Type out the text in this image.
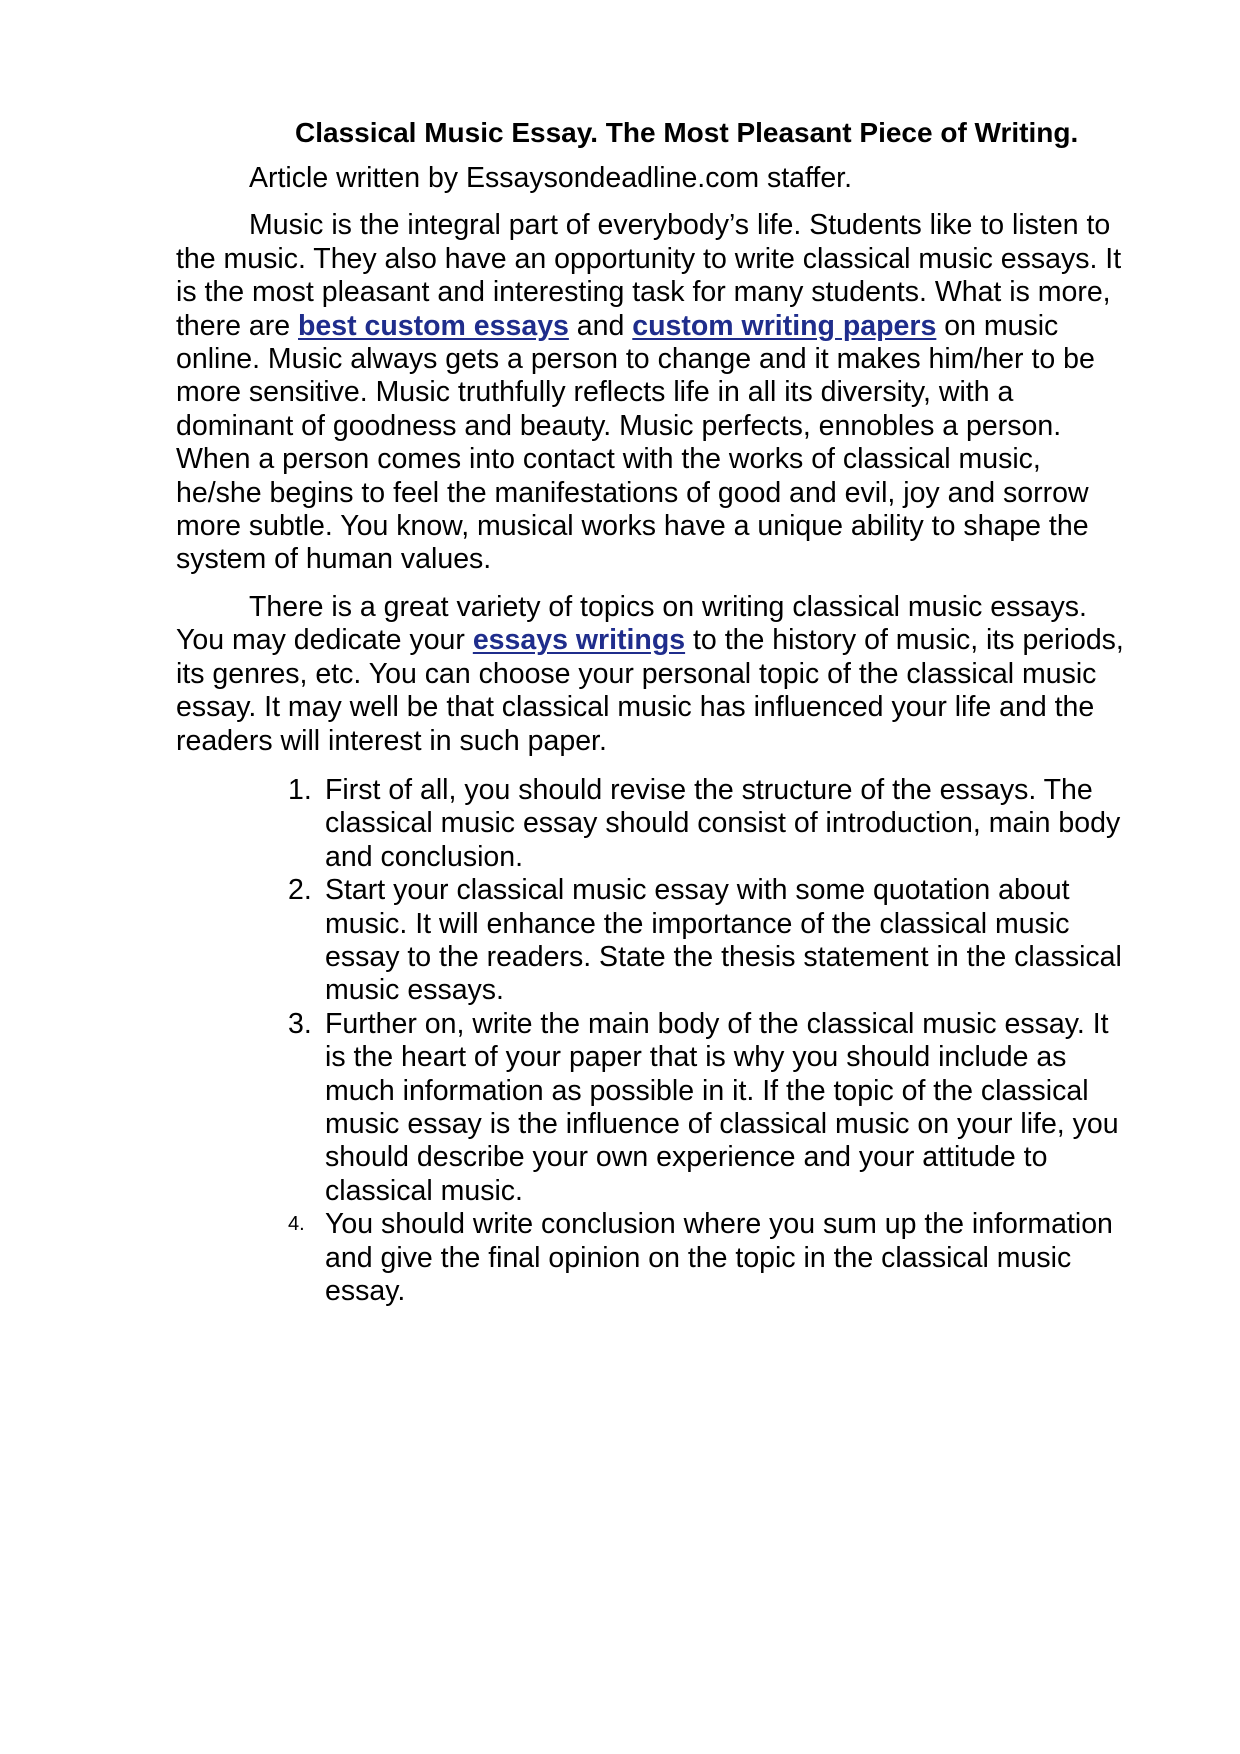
Classical Music Essay. The Most Pleasant Piece of Writing.
Article written by Essaysondeadline.com staffer.
Music is the integral part of everybody’s life. Students like to listen to
the music. They also have an opportunity to write classical music essays. It
is the most pleasant and interesting task for many students. What is more,
there are best custom essays and custom writing papers on music
online. Music always gets a person to change and it makes him/her to be
more sensitive. Music truthfully reflects life in all its diversity, with a
dominant of goodness and beauty. Music perfects, ennobles a person.
When a person comes into contact with the works of classical music,
he/she begins to feel the manifestations of good and evil, joy and sorrow
more subtle. You know, musical works have a unique ability to shape the
system of human values.
There is a great variety of topics on writing classical music essays.
You may dedicate your essays writings to the history of music, its periods,
its genres, etc. You can choose your personal topic of the classical music
essay. It may well be that classical music has influenced your life and the
readers will interest in such paper.
1. First of all, you should revise the structure of the essays. The
classical music essay should consist of introduction, main body
and conclusion.
2. Start your classical music essay with some quotation about
music. It will enhance the importance of the classical music
essay to the readers. State the thesis statement in the classical
music essays.
3. Further on, write the main body of the classical music essay. It
is the heart of your paper that is why you should include as
much information as possible in it. If the topic of the classical
music essay is the influence of classical music on your life, you
should describe your own experience and your attitude to
classical music.
4. You should write conclusion where you sum up the information
and give the final opinion on the topic in the classical music
essay.
